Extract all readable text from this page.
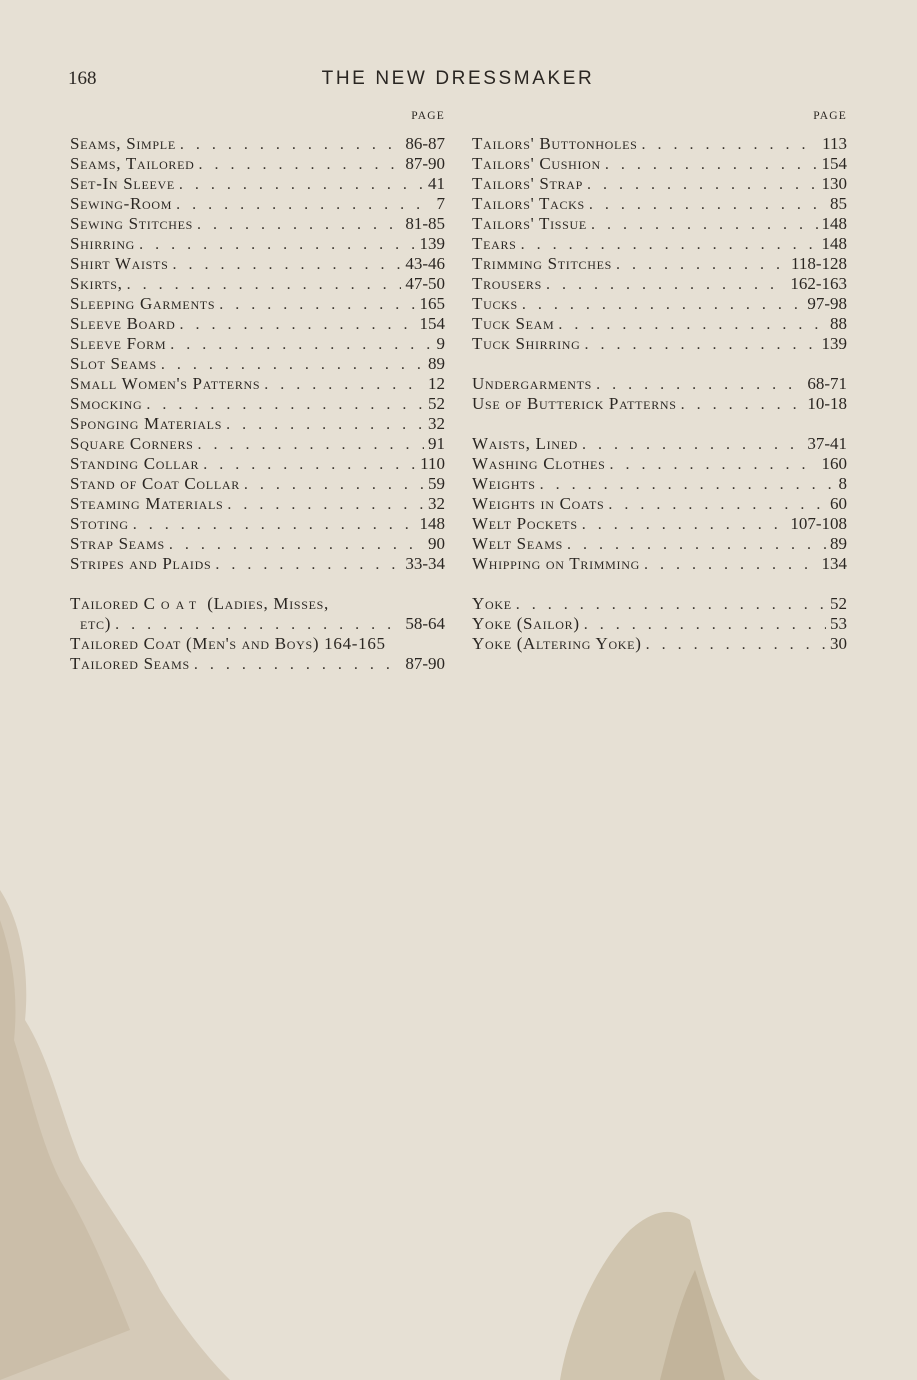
168	THE NEW DRESSMAKER
PAGE
Seams, Simple . . .	86-87
Seams, Tailored . . .	87-90
Set-In Sleeve . . .	41
Sewing-Room . . .	7
Sewing Stitches . . .	81-85
Shirring . . .	139
Shirt Waists . . .	43-46
Skirts, . . .	47-50
Sleeping Garments . . .	165
Sleeve Board . . .	154
Sleeve Form . . .	9
Slot Seams . . .	89
Small Women's Patterns . . .	12
Smocking . . .	52
Sponging Materials . . .	32
Square Corners . . .	91
Standing Collar . . .	110
Stand of Coat Collar . . .	59
Steaming Materials . . .	32
Stoting . . .	148
Strap Seams . . .	90
Stripes and Plaids . . .	33-34
Tailored Coat (Ladies, Misses,
etc) . . .	58-64
Tailored Coat (Men's and Boys) 164-165
Tailored Seams . . .	87-90
PAGE
Tailors' Buttonholes . . .	113
Tailors' Cushion . . .	154
Tailors' Strap . . .	130
Tailors' Tacks . . .	85
Tailors' Tissue . . .	148
Tears . . .	148
Trimming Stitches . . .	118-128
Trousers . . .	162-163
Tucks . . .	97-98
Tuck Seam . . .	88
Tuck Shirring . . .	139
Undergarments . . .	68-71
Use of Butterick Patterns . . .	10-18
Waists, Lined . . .	37-41
Washing Clothes . . .	160
Weights . . .	8
Weights in Coats . . .	60
Welt Pockets . . .	107-108
Welt Seams . . .	89
Whipping on Trimming . . .	134
Yoke . . .	52
Yoke (Sailor) . . .	53
Yoke (Altering Yoke) . . .	30
